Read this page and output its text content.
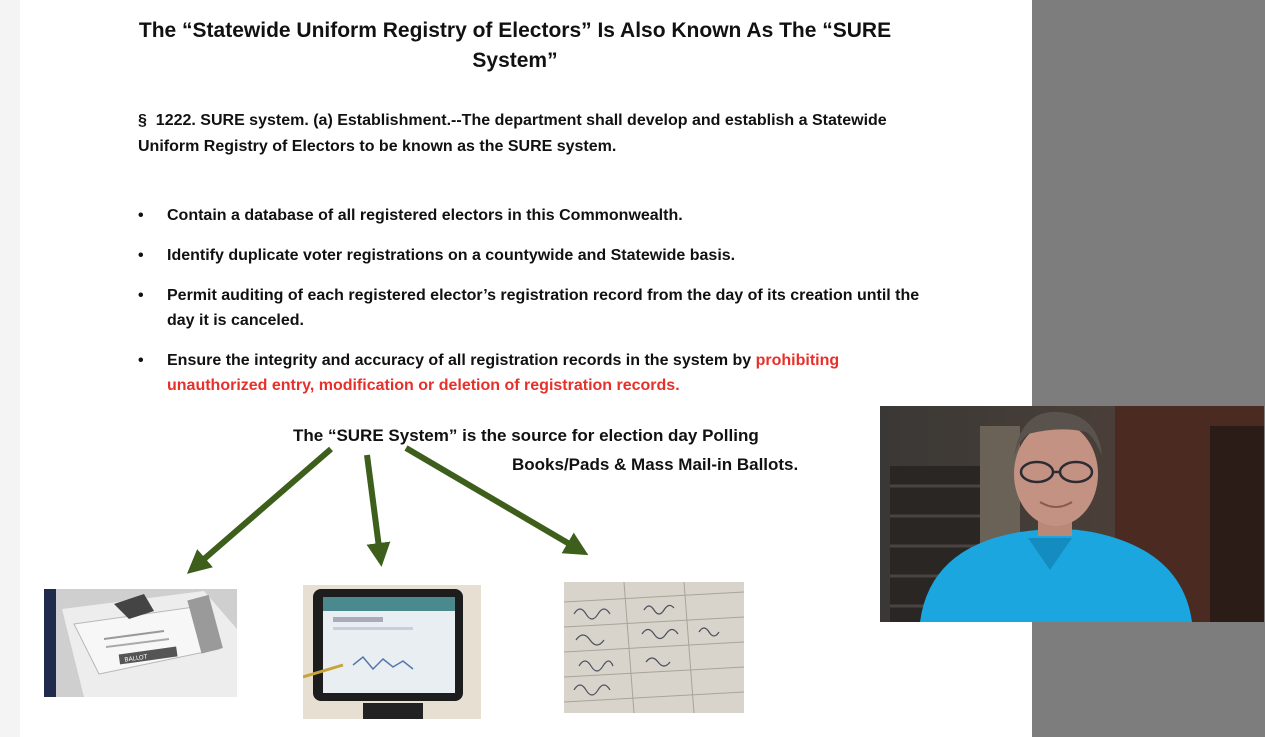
The “Statewide Uniform Registry of Electors” Is Also Known As The “SURE System”
§ 1222. SURE system. (a) Establishment.--The department shall develop and establish a Statewide Uniform Registry of Electors to be known as the SURE system.
• Contain a database of all registered electors in this Commonwealth.
• Identify duplicate voter registrations on a countywide and Statewide basis.
• Permit auditing of each registered elector’s registration record from the day of its creation until the day it is canceled.
• Ensure the integrity and accuracy of all registration records in the system by prohibiting unauthorized entry, modification or deletion of registration records.
The “SURE System” is the source for election day Polling
Books/Pads & Mass Mail-in Ballots.
BALLOT
